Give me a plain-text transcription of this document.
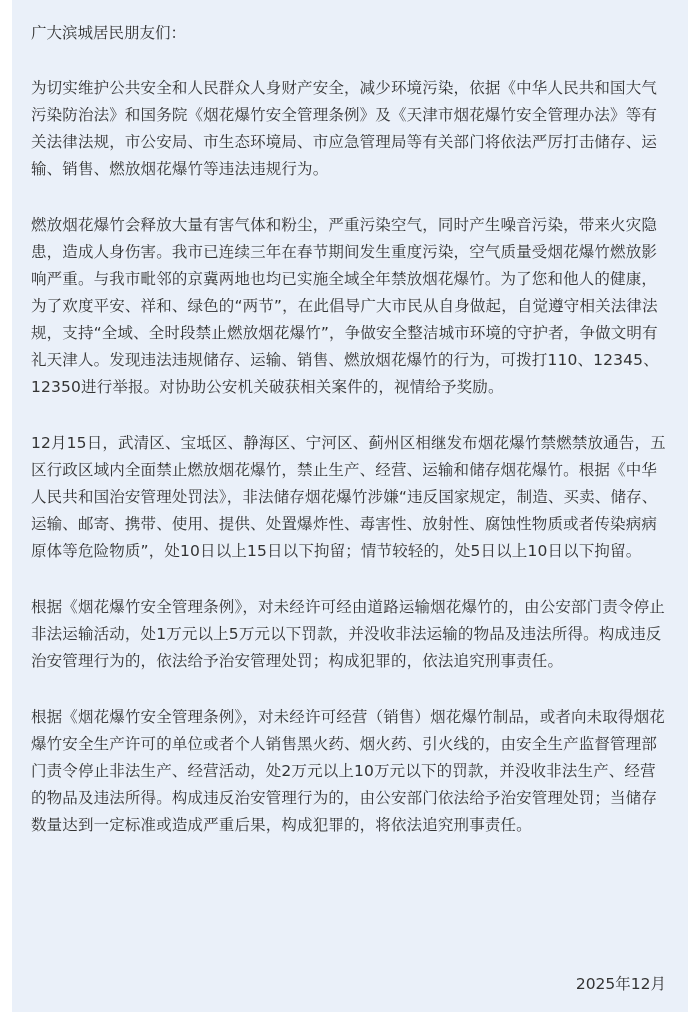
广大滨城居民朋友们：

为切实维护公共安全和人民群众人身财产安全，减少环境污染，依据《中华人民共和国大气污染防治法》和国务院《烟花爆竹安全管理条例》及《天津市烟花爆竹安全管理办法》等有关法律法规，市公安局、市生态环境局、市应急管理局等有关部门将依法严厉打击储存、运输、销售、燃放烟花爆竹等违法违规行为。

燃放烟花爆竹会释放大量有害气体和粉尘，严重污染空气，同时产生噪音污染，带来火灾隐患，造成人身伤害。我市已连续三年在春节期间发生重度污染，空气质量受烟花爆竹燃放影响严重。与我市毗邻的京冀两地也均已实施全域全年禁放烟花爆竹。为了您和他人的健康，为了欢度平安、祥和、绿色的“两节”，在此倡导广大市民从自身做起，自觉遵守相关法律法规，支持“全域、全时段禁止燃放烟花爆竹”，争做安全整洁城市环境的守护者，争做文明有礼天津人。发现违法违规储存、运输、销售、燃放烟花爆竹的行为，可拨打110、12345、12350进行举报。对协助公安机关破获相关案件的，视情给予奖励。

12月15日，武清区、宝坻区、静海区、宁河区、蓟州区相继发布烟花爆竹禁燃禁放通告，五区行政区域内全面禁止燃放烟花爆竹，禁止生产、经营、运输和储存烟花爆竹。根据《中华人民共和国治安管理处罚法》，非法储存烟花爆竹涉嫌“违反国家规定，制造、买卖、储存、运输、邮寄、携带、使用、提供、处置爆炸性、毒害性、放射性、腐蚀性物质或者传染病病原体等危险物质”，处10日以上15日以下拘留；情节较轻的，处5日以上10日以下拘留。

根据《烟花爆竹安全管理条例》，对未经许可经由道路运输烟花爆竹的，由公安部门责令停止非法运输活动，处1万元以上5万元以下罚款，并没收非法运输的物品及违法所得。构成违反治安管理行为的，依法给予治安管理处罚；构成犯罪的，依法追究刑事责任。

根据《烟花爆竹安全管理条例》，对未经许可经营（销售）烟花爆竹制品，或者向未取得烟花爆竹安全生产许可的单位或者个人销售黑火药、烟火药、引火线的，由安全生产监督管理部门责令停止非法生产、经营活动，处2万元以上10万元以下的罚款，并没收非法生产、经营的物品及违法所得。构成违反治安管理行为的，由公安部门依法给予治安管理处罚；当储存数量达到一定标准或造成严重后果，构成犯罪的，将依法追究刑事责任。

2025年12月
